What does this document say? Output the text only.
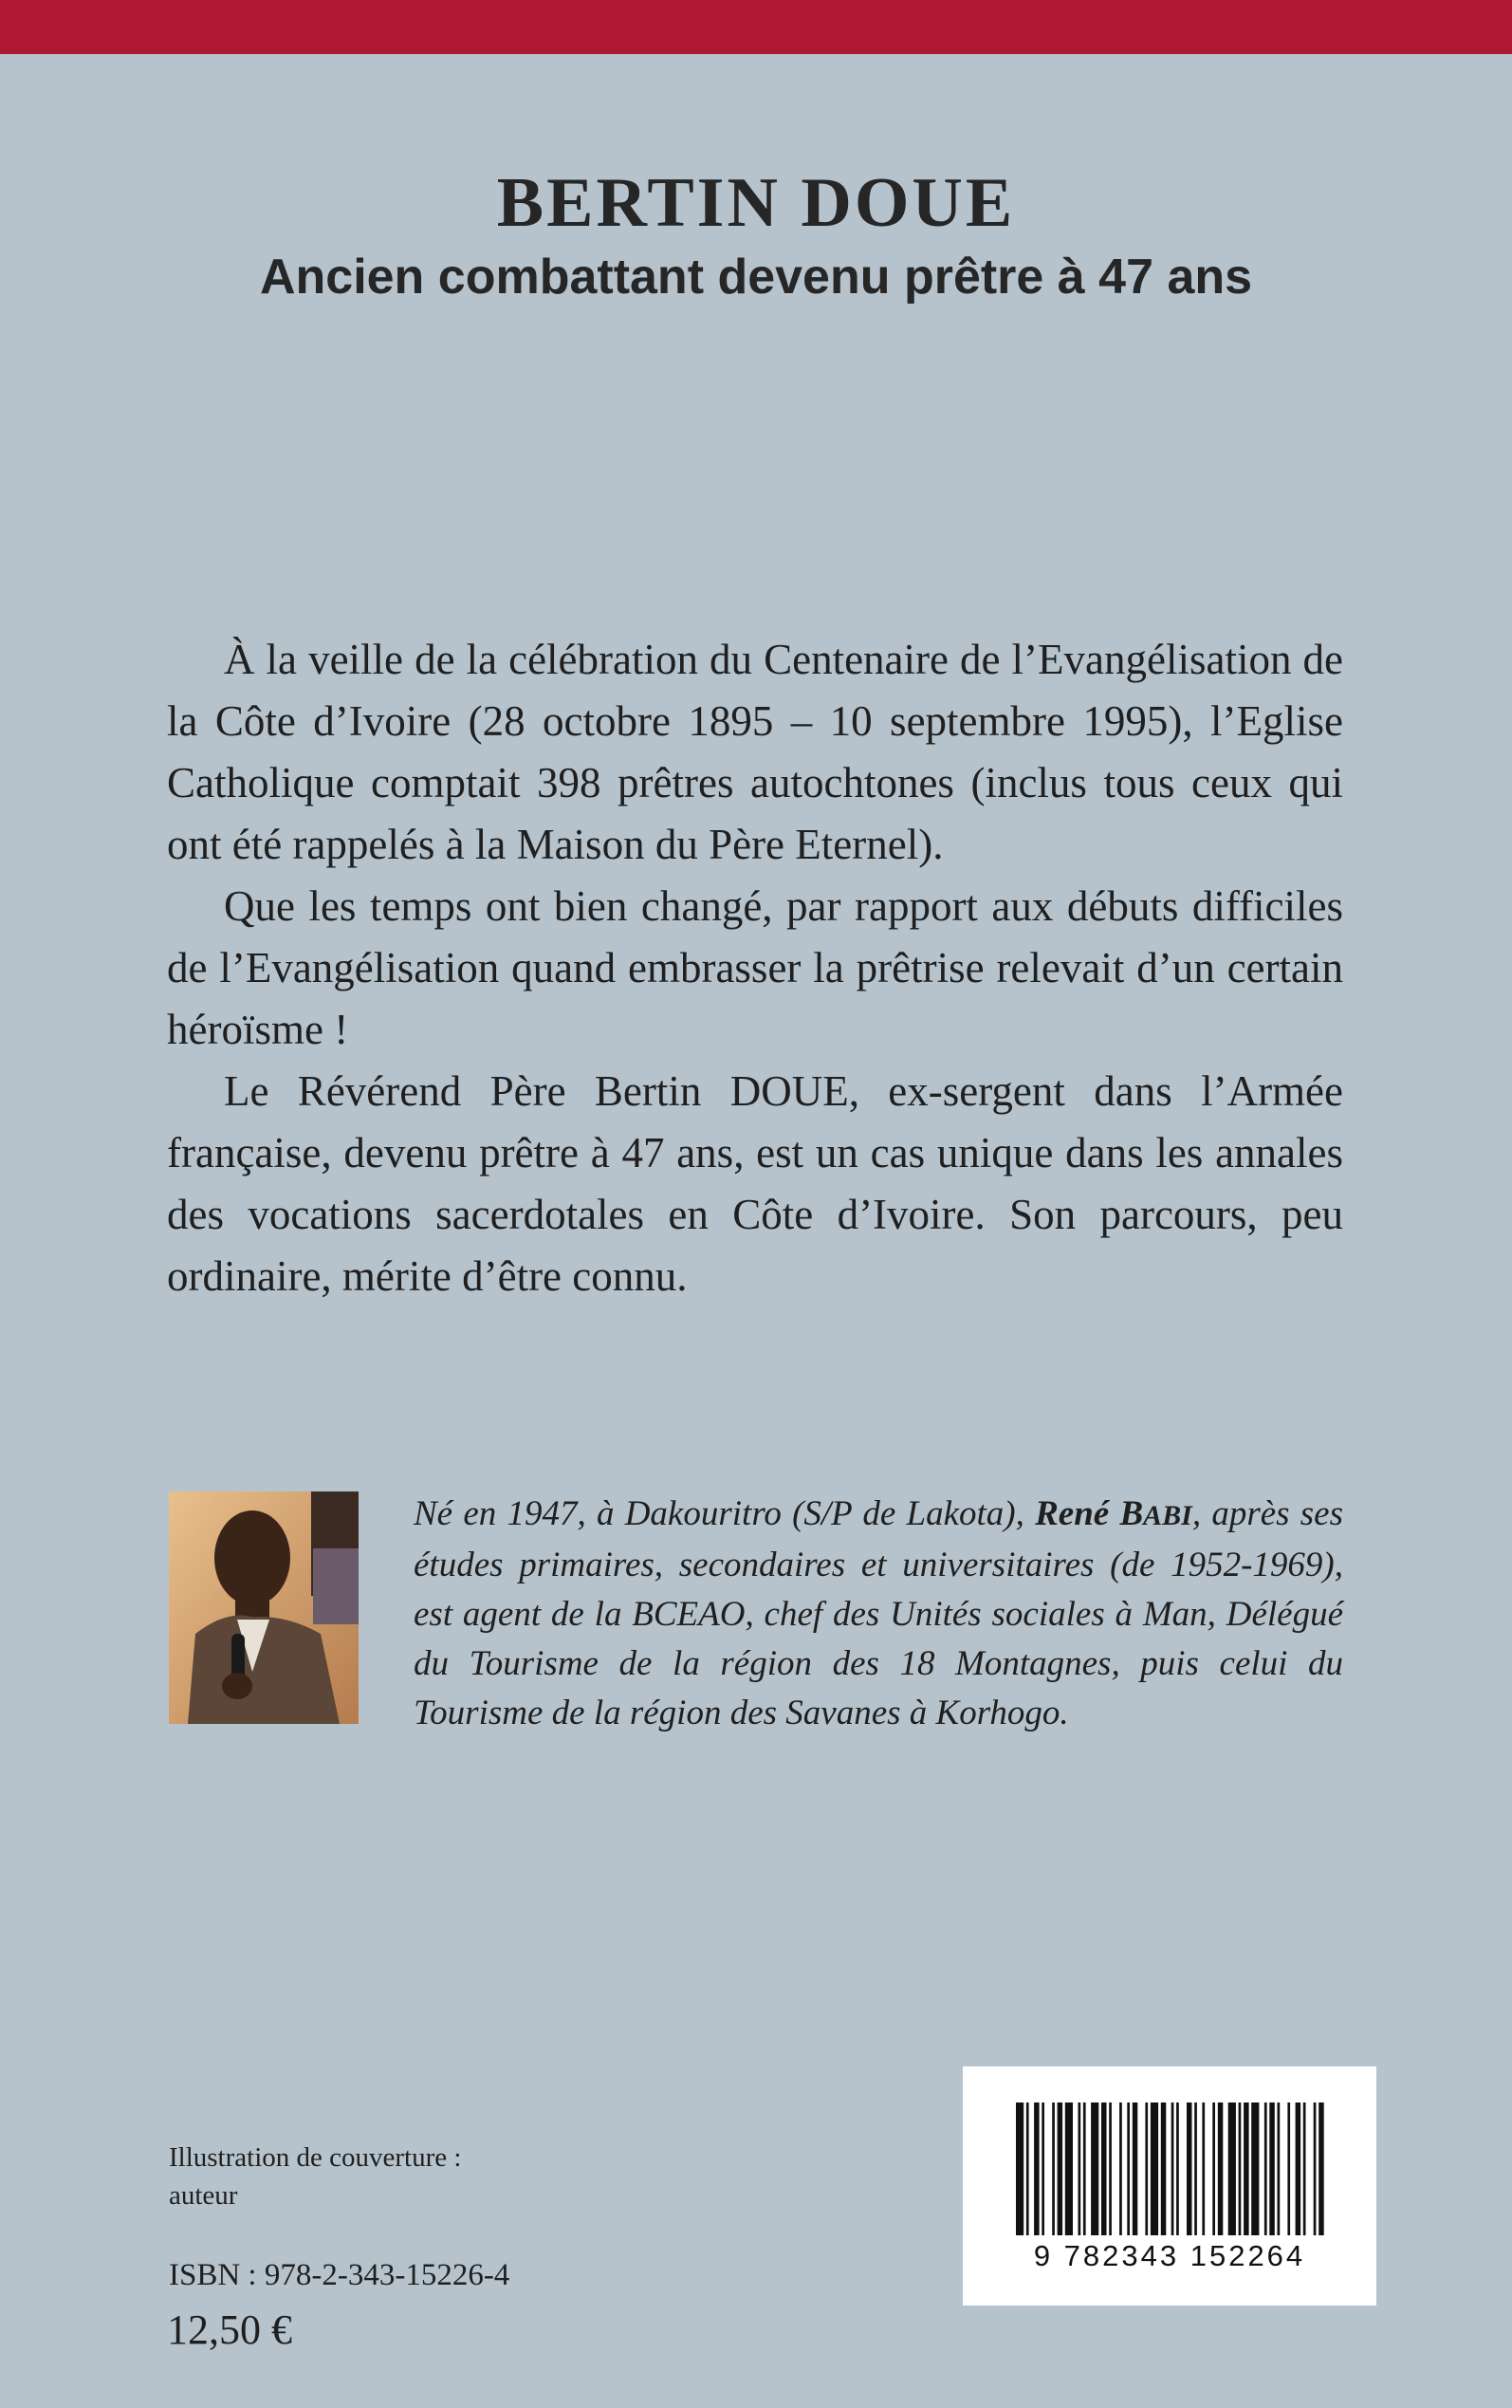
BERTIN DOUE
Ancien combattant devenu prêtre à 47 ans

À la veille de la célébration du Centenaire de l’Evangélisation de la Côte d’Ivoire (28 octobre 1895 – 10 septembre 1995), l’Eglise Catholique comptait 398 prêtres autochtones (inclus tous ceux qui ont été rappelés à la Maison du Père Eternel).

Que les temps ont bien changé, par rapport aux débuts difficiles de l’Evangélisation quand embrasser la prêtrise relevait d’un certain héroïsme !

Le Révérend Père Bertin DOUE, ex-sergent dans l’Armée française, devenu prêtre à 47 ans, est un cas unique dans les annales des vocations sacerdotales en Côte d’Ivoire. Son parcours, peu ordinaire, mérite d’être connu.

Né en 1947, à Dakouritro (S/P de Lakota), René BABI, après ses études primaires, secondaires et universitaires (de 1952-1969), est agent de la BCEAO, chef des Unités sociales à Man, Délégué du Tourisme de la région des 18 Montagnes, puis celui du Tourisme de la région des Savanes à Korhogo.
Illustration de couverture :
auteur
ISBN : 978-2-343-15226-4
12,50 €
9 782343 152264
